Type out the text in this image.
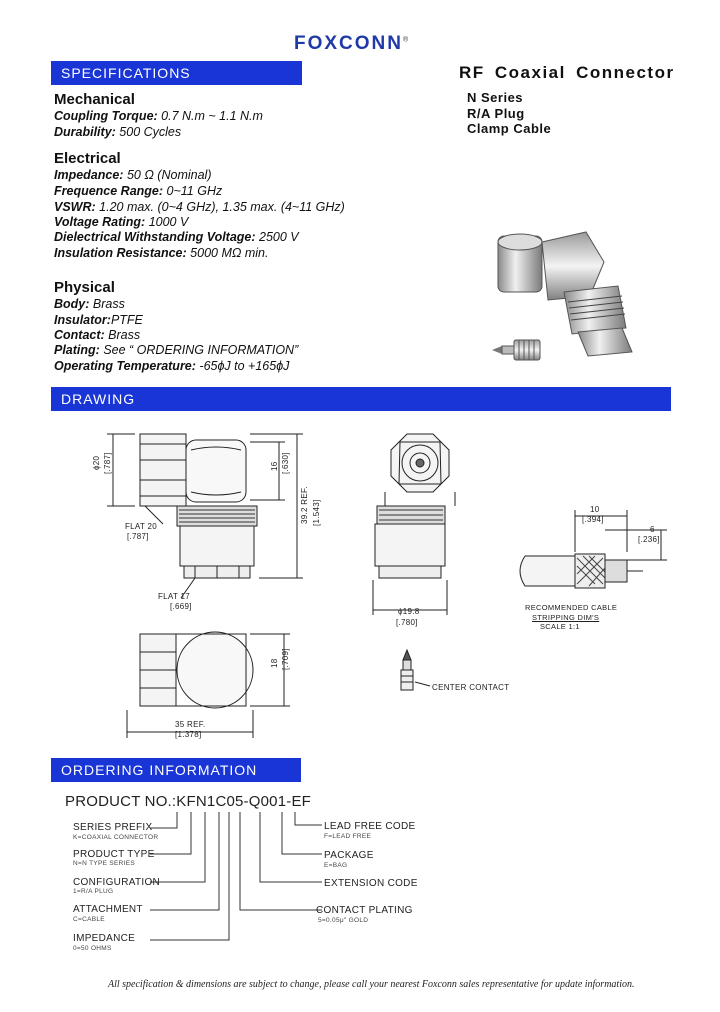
FOXCONN®
SPECIFICATIONS	RF Coaxial Connector
N Series
R/A Plug
Clamp Cable
Mechanical
Coupling Torque: 0.7 N.m ~ 1.1 N.m
Durability: 500 Cycles
Electrical
Impedance: 50 Ω (Nominal)
Frequence Range: 0~11 GHz
VSWR: 1.20 max. (0~4 GHz), 1.35 max. (4~11 GHz)
Voltage Rating: 1000 V
Dielectrical Withstanding Voltage: 2500 V
Insulation Resistance: 5000 MΩ min.
Physical
Body: Brass
Insulator:PTFE
Contact: Brass
Plating: See “ ORDERING INFORMATION”
Operating Temperature: -65ϕJ to +165ϕJ
DRAWING
ϕ20 [.787]
FLAT 20
[.787]
16 [.630]
39.2 REF. [1.543]
FLAT 17
[.669]
ϕ19.8
[.780]
18 [.709]
35 REF.
[1.378]
10
[.394]
6
[.236]
RECOMMENDED CABLE
STRIPPING DIM'S
SCALE 1:1
CENTER CONTACT
ORDERING INFORMATION
PRODUCT NO.:KFN1C05-Q001-EF
SERIES PREFIX
K=COAXIAL CONNECTOR
PRODUCT TYPE
N=N TYPE SERIES
CONFIGURATION
1=R/A PLUG
ATTACHMENT
C=CABLE
IMPEDANCE
0=50 OHMS
LEAD FREE CODE
F=LEAD FREE
PACKAGE
E=BAG
EXTENSION CODE
CONTACT PLATING
5=0.05μ" GOLD
All specification & dimensions are subject to change, please call your nearest Foxconn sales representative for update information.
